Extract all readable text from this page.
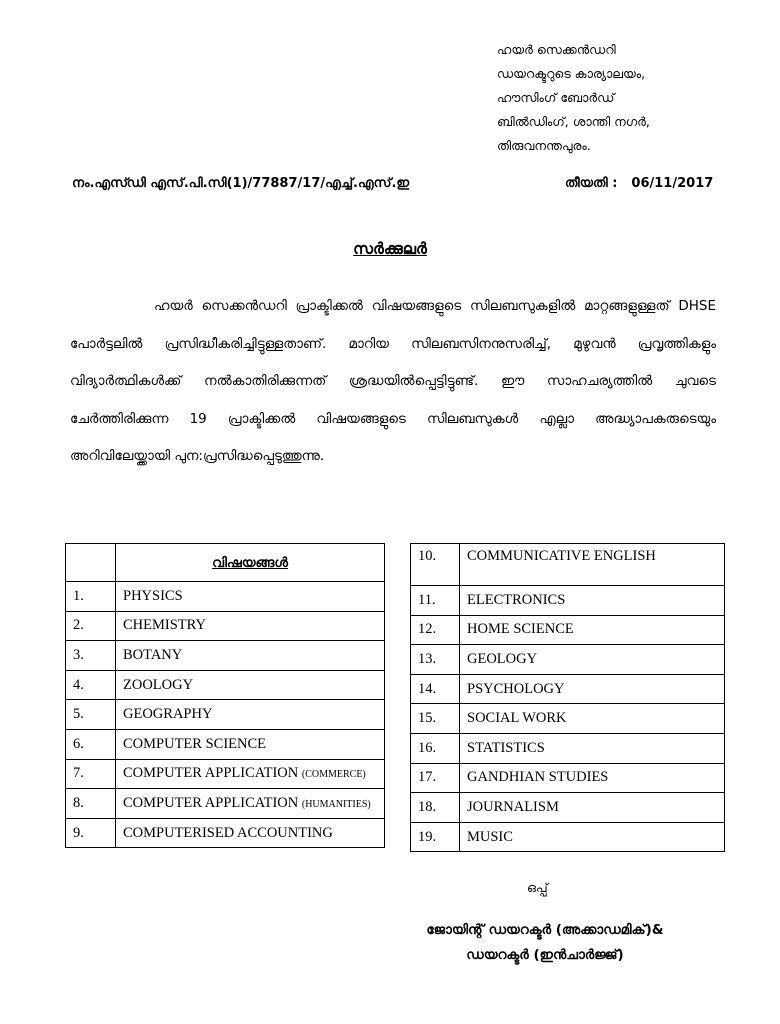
ഹയർ സെക്കൻഡറി
ഡയറക്ടറുടെ കാര്യാലയം,
ഹൗസിംഗ് ബോർഡ്
ബിൽഡിംഗ്, ശാന്തി നഗർ,
തിരുവനന്തപുരം.
നം.എസ്ഡി എസ്.പി.സി(1)/77887/17/എച്ച്.എസ്.ഇ	തീയതി : 06/11/2017
സർക്കുലർ
ഹയർ സെക്കൻഡറി പ്രാക്ടിക്കൽ വിഷയങ്ങളുടെ സിലബസുകളിൽ മാറ്റങ്ങളുള്ളത് DHSE പോർട്ടലിൽ പ്രസിദ്ധീകരിച്ചിട്ടുള്ളതാണ്. മാറിയ സിലബസിനനുസരിച്ച്, മുഴുവൻ പ്രവൃത്തികളും വിദ്യാർത്ഥികൾക്ക് നൽകാതിരിക്കുന്നത് ശ്രദ്ധയിൽപ്പെട്ടിട്ടുണ്ട്. ഈ സാഹചര്യത്തിൽ ചുവടെ ചേർത്തിരിക്കുന്ന 19 പ്രാക്ടിക്കൽ വിഷയങ്ങളുടെ സിലബസുകൾ എല്ലാ അദ്ധ്യാപകരുടെയും അറിവിലേയ്ക്കായി പുന:പ്രസിദ്ധപ്പെടുത്തുന്നു.
	വിഷയങ്ങൾ
1.	PHYSICS
2.	CHEMISTRY
3.	BOTANY
4.	ZOOLOGY
5.	GEOGRAPHY
6.	COMPUTER SCIENCE
7.	COMPUTER APPLICATION (COMMERCE)
8.	COMPUTER APPLICATION (HUMANITIES)
9.	COMPUTERISED ACCOUNTING
10.	COMMUNICATIVE ENGLISH
11.	ELECTRONICS
12.	HOME SCIENCE
13.	GEOLOGY
14.	PSYCHOLOGY
15.	SOCIAL WORK
16.	STATISTICS
17.	GANDHIAN STUDIES
18.	JOURNALISM
19.	MUSIC
ഒപ്പ്
ജോയിന്റ് ഡയറക്ടർ (അക്കാഡമിക്)&
ഡയറക്ടർ (ഇൻചാർജ്ജ്)
